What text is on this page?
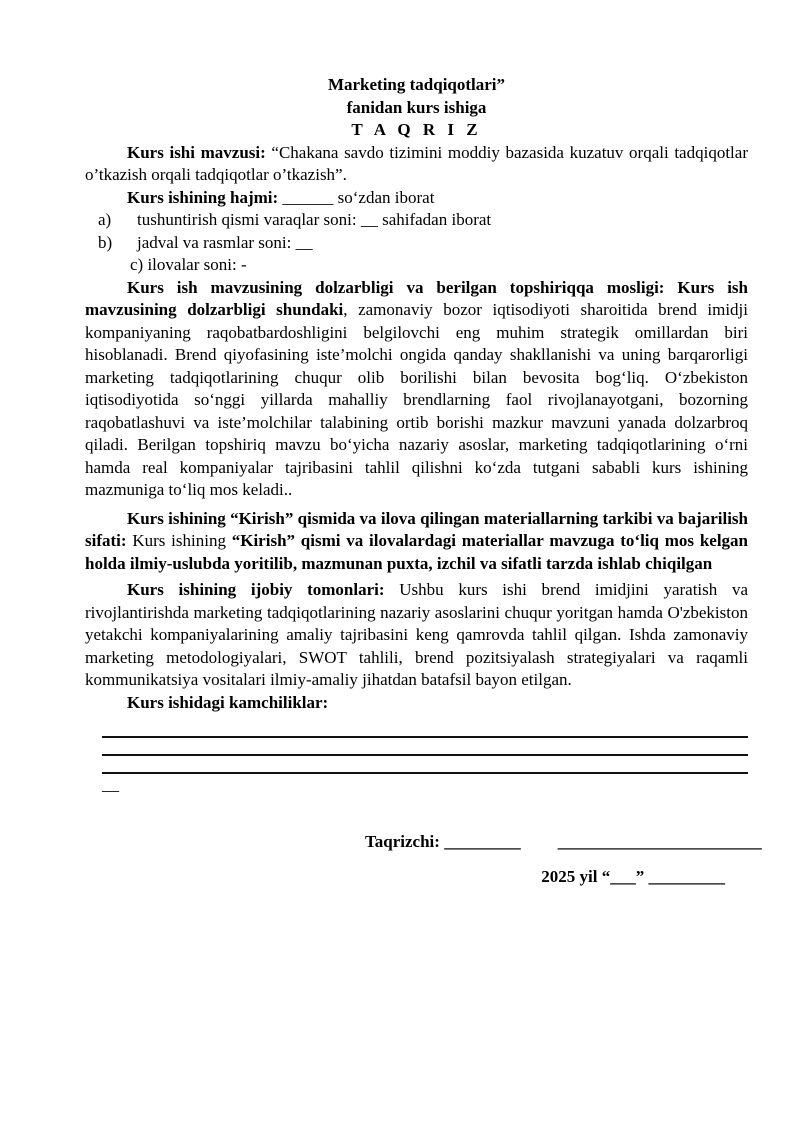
Marketing tadqiqotlari”
fanidan kurs ishiga
T A Q R I Z
Kurs ishi mavzusi: “Chakana savdo tizimini moddiy bazasida kuzatuv orqali tadqiqotlar o’tkazish orqali tadqiqotlar o’tkazish”.
Kurs ishining hajmi: ______ so‘zdan iborat
a) tushuntirish qismi varaqlar soni: __ sahifadan iborat
b) jadval va rasmlar soni: __
c) ilovalar soni: -
Kurs ish mavzusining dolzarbligi va berilgan topshiriqqa mosligi: Kurs ish mavzusining dolzarbligi shundaki, zamonaviy bozor iqtisodiyoti sharoitida brend imidji kompaniyaning raqobatbardoshligini belgilovchi eng muhim strategik omillardan biri hisoblanadi. Brend qiyofasining iste’molchi ongida qanday shakllanishi va uning barqarorligi marketing tadqiqotlarining chuqur olib borilishi bilan bevosita bog‘liq. O‘zbekiston iqtisodiyotida so‘nggi yillarda mahalliy brendlarning faol rivojlanayotgani, bozorning raqobatlashuvi va iste’molchilar talabining ortib borishi mazkur mavzuni yanada dolzarbroq qiladi. Berilgan topshiriq mavzu bo‘yicha nazariy asoslar, marketing tadqiqotlarining o‘rni hamda real kompaniyalar tajribasini tahlil qilishni ko‘zda tutgani sababli kurs ishining mazmuniga to‘liq mos keladi..
Kurs ishining “Kirish” qismida va ilova qilingan materiallarning tarkibi va bajarilish sifati: Kurs ishining “Kirish” qismi va ilovalardagi materiallar mavzuga to‘liq mos kelgan holda ilmiy-uslubda yoritilib, mazmunan puxta, izchil va sifatli tarzda ishlab chiqilgan
Kurs ishining ijobiy tomonlari: Ushbu kurs ishi brend imidjini yaratish va rivojlantirishda marketing tadqiqotlarining nazariy asoslarini chuqur yoritgan hamda O'zbekiston yetakchi kompaniyalarining amaliy tajribasini keng qamrovda tahlil qilgan. Ishda zamonaviy marketing metodologiyalari, SWOT tahlili, brend pozitsiyalash strategiyalari va raqamli kommunikatsiya vositalari ilmiy-amaliy jihatdan batafsil bayon etilgan.
Kurs ishidagi kamchiliklar:
__
Taqrizchi: _________ ________________________
2025 yil “___” _________
